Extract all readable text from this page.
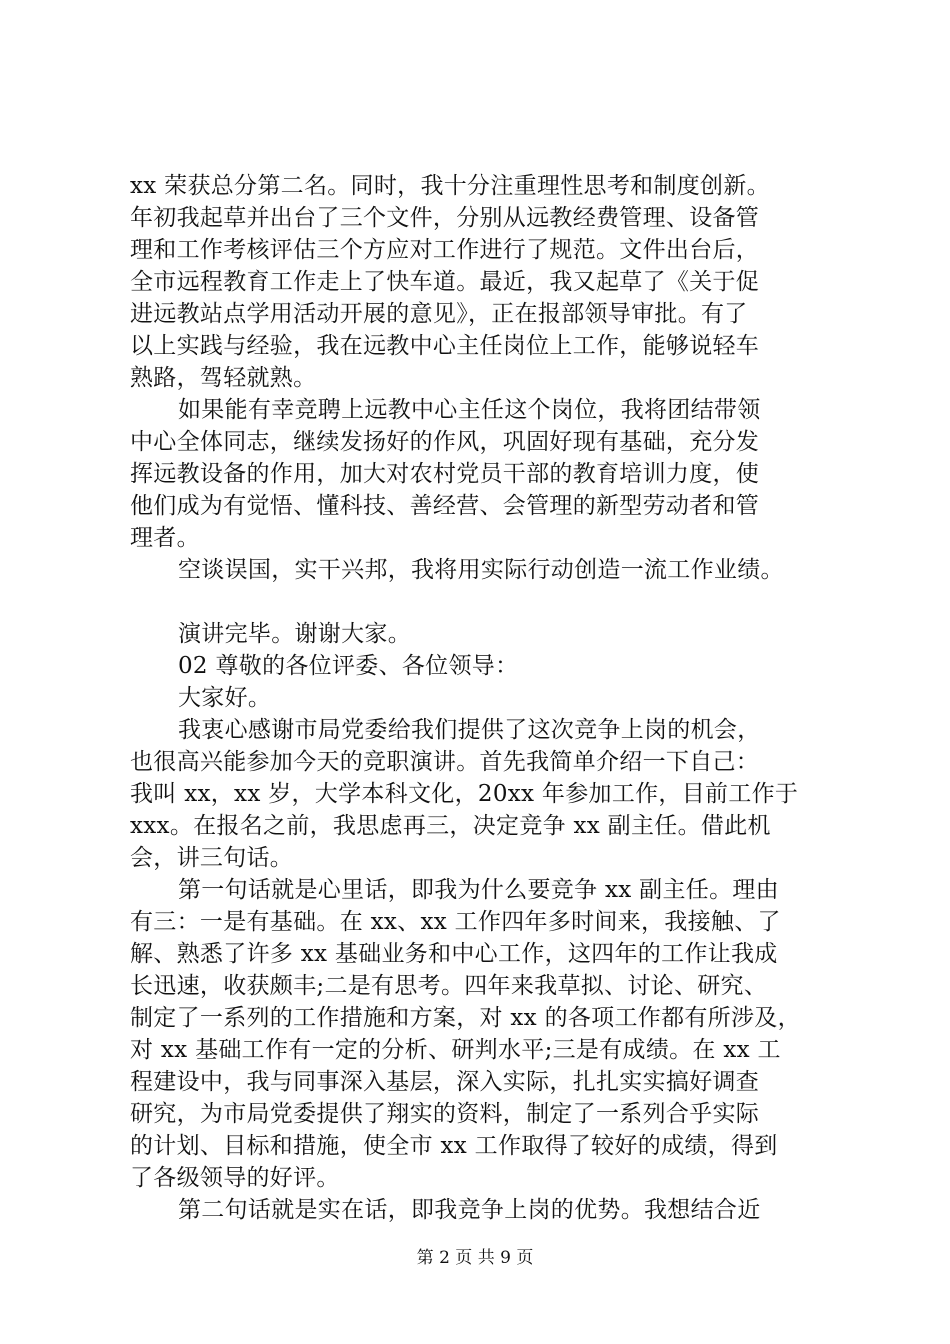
xx 荣获总分第二名。同时，我十分注重理性思考和制度创新。
年初我起草并出台了三个文件，分别从远教经费管理、设备管
理和工作考核评估三个方应对工作进行了规范。文件出台后，
全市远程教育工作走上了快车道。最近，我又起草了《关于促
进远教站点学用活动开展的意见》，正在报部领导审批。有了
以上实践与经验，我在远教中心主任岗位上工作，能够说轻车
熟路，驾轻就熟。
如果能有幸竞聘上远教中心主任这个岗位，我将团结带领
中心全体同志，继续发扬好的作风，巩固好现有基础，充分发
挥远教设备的作用，加大对农村党员干部的教育培训力度，使
他们成为有觉悟、懂科技、善经营、会管理的新型劳动者和管
理者。
空谈误国，实干兴邦，我将用实际行动创造一流工作业绩。
演讲完毕。谢谢大家。
02 尊敬的各位评委、各位领导：
大家好。
我衷心感谢市局党委给我们提供了这次竞争上岗的机会，
也很高兴能参加今天的竞职演讲。首先我简单介绍一下自己：
我叫 xx，xx 岁，大学本科文化，20xx 年参加工作，目前工作于
xxx。在报名之前，我思虑再三，决定竞争 xx 副主任。借此机
会，讲三句话。
第一句话就是心里话，即我为什么要竞争 xx 副主任。理由
有三：一是有基础。在 xx、xx 工作四年多时间来，我接触、了
解、熟悉了许多 xx 基础业务和中心工作，这四年的工作让我成
长迅速，收获颇丰;二是有思考。四年来我草拟、讨论、研究、
制定了一系列的工作措施和方案，对 xx 的各项工作都有所涉及，
对 xx 基础工作有一定的分析、研判水平;三是有成绩。在 xx 工
程建设中，我与同事深入基层，深入实际，扎扎实实搞好调查
研究，为市局党委提供了翔实的资料，制定了一系列合乎实际
的计划、目标和措施，使全市 xx 工作取得了较好的成绩，得到
了各级领导的好评。
第二句话就是实在话，即我竞争上岗的优势。我想结合近
第 2 页 共 9 页
